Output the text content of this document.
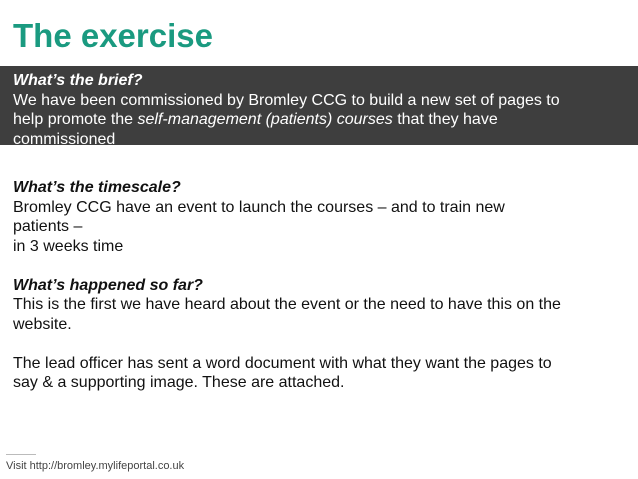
The exercise
What’s the brief?
We have been commissioned by Bromley CCG to build a new set of pages to
help promote the self-management (patients) courses that they have
commissioned
What’s the timescale?
Bromley CCG have an event to launch the courses – and to train new
patients –
in 3 weeks time
What’s happened so far?
This is the first we have heard about the event or the need to have this on the
website.
The lead officer has sent a word document with what they want the pages to
say & a supporting image. These are attached.
Visit http://bromley.mylifeportal.co.uk
